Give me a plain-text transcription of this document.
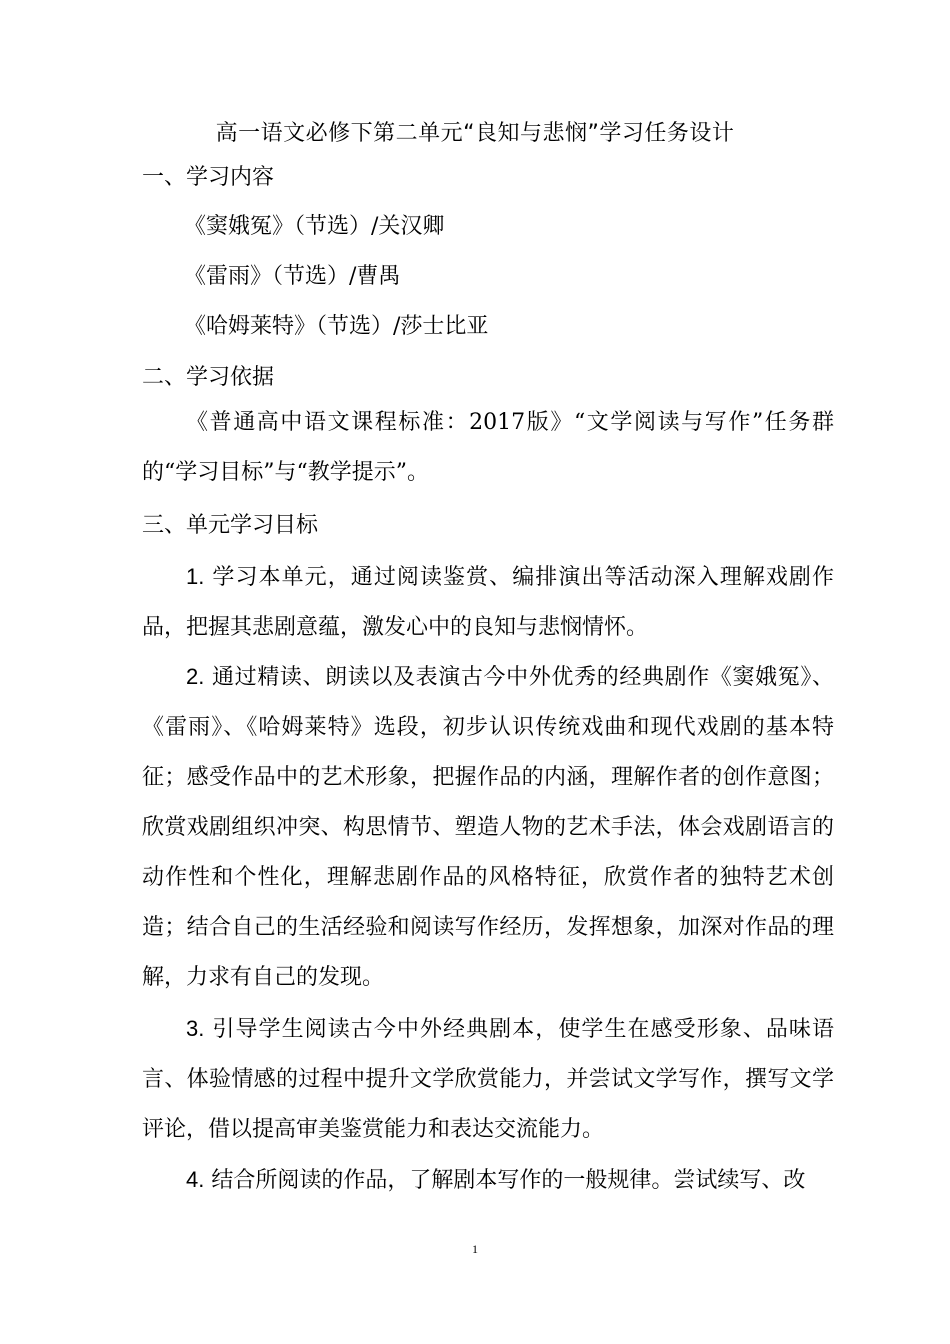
高一语文必修下第二单元“良知与悲悯”学习任务设计
一、学习内容
《窦娥冤》（节选）/关汉卿
《雷雨》（节选）/曹禺
《哈姆莱特》（节选）/莎士比亚
二、学习依据
《普通高中语文课程标准：2017版》“文学阅读与写作”任务群的“学习目标”与“教学提示”。
三、单元学习目标
1. 学习本单元，通过阅读鉴赏、编排演出等活动深入理解戏剧作品，把握其悲剧意蕴，激发心中的良知与悲悯情怀。
2. 通过精读、朗读以及表演古今中外优秀的经典剧作《窦娥冤》、《雷雨》、《哈姆莱特》选段，初步认识传统戏曲和现代戏剧的基本特征；感受作品中的艺术形象，把握作品的内涵，理解作者的创作意图；欣赏戏剧组织冲突、构思情节、塑造人物的艺术手法，体会戏剧语言的动作性和个性化，理解悲剧作品的风格特征，欣赏作者的独特艺术创造；结合自己的生活经验和阅读写作经历，发挥想象，加深对作品的理解，力求有自己的发现。
3. 引导学生阅读古今中外经典剧本，使学生在感受形象、品味语言、体验情感的过程中提升文学欣赏能力，并尝试文学写作，撰写文学评论，借以提高审美鉴赏能力和表达交流能力。
4. 结合所阅读的作品，了解剧本写作的一般规律。尝试续写、改
1
